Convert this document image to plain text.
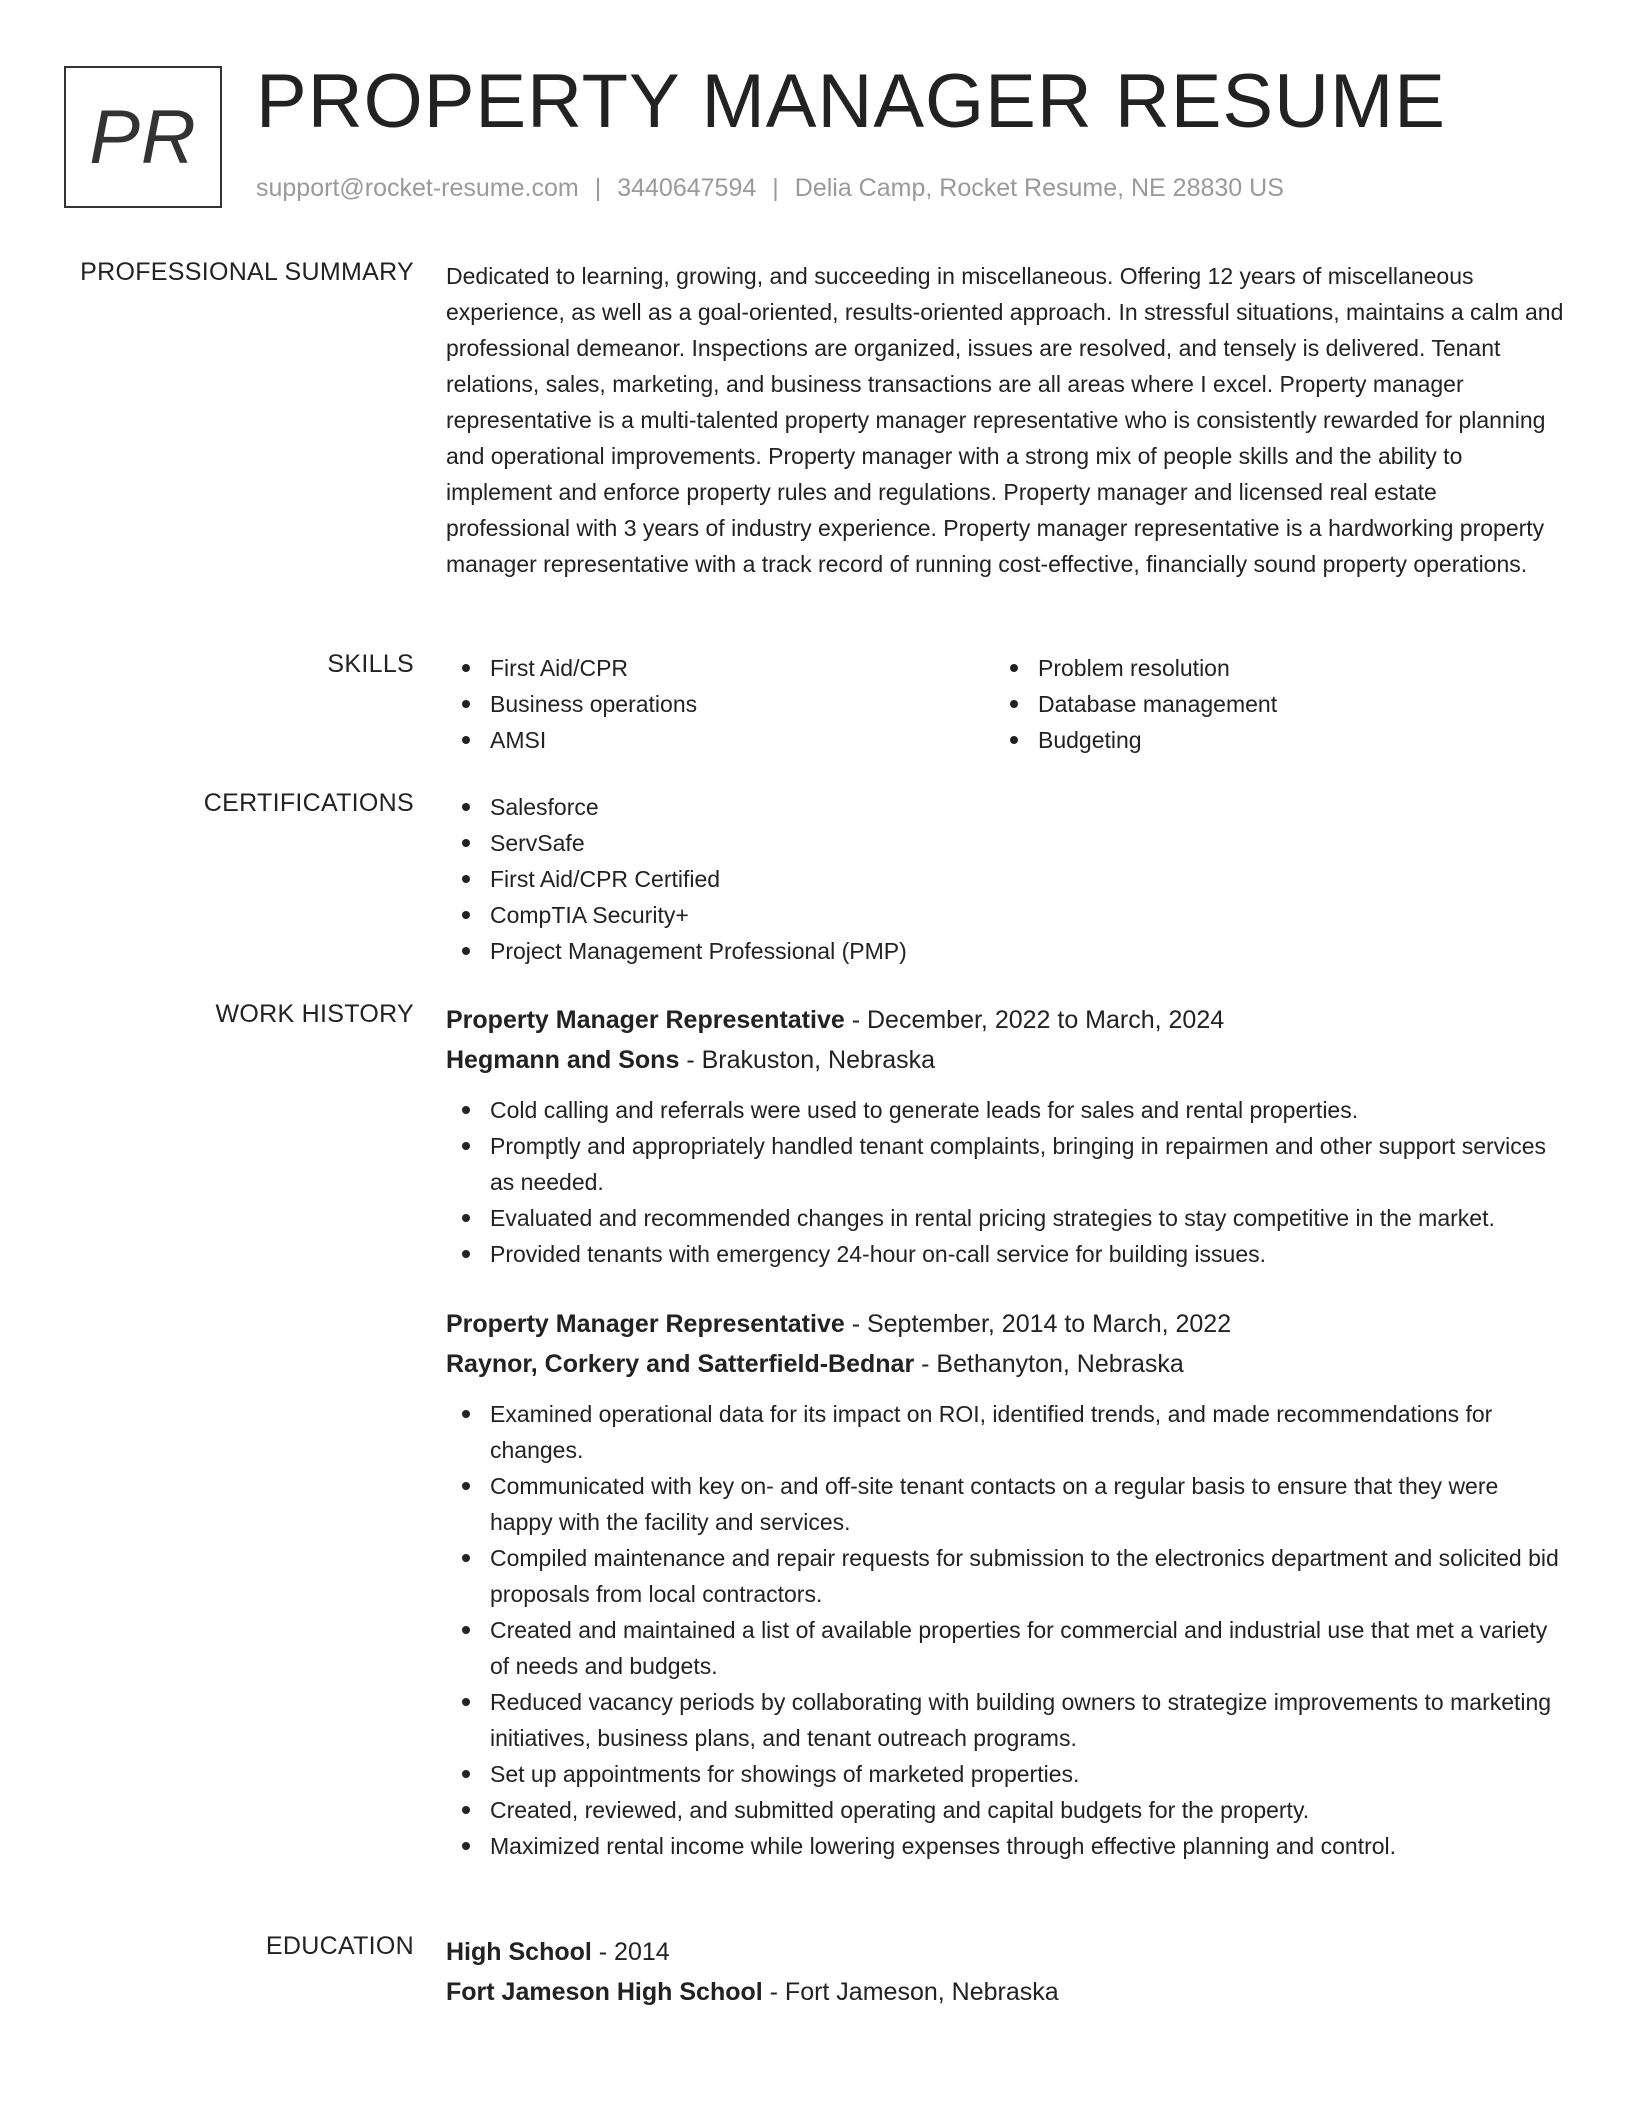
PR PROPERTY MANAGER RESUME
support@rocket-resume.com | 3440647594 | Delia Camp, Rocket Resume, NE 28830 US
PROFESSIONAL SUMMARY Dedicated to learning, growing, and succeeding in miscellaneous. Offering 12 years of miscellaneous experience, as well as a goal-oriented, results-oriented approach. In stressful situations, maintains a calm and professional demeanor. Inspections are organized, issues are resolved, and tensely is delivered. Tenant relations, sales, marketing, and business transactions are all areas where I excel. Property manager representative is a multi-talented property manager representative who is consistently rewarded for planning and operational improvements. Property manager with a strong mix of people skills and the ability to implement and enforce property rules and regulations. Property manager and licensed real estate professional with 3 years of industry experience. Property manager representative is a hardworking property manager representative with a track record of running cost-effective, financially sound property operations.

SKILLS	First Aid/CPR
Business operations
AMSI
Problem resolution
Database management
Budgeting
CERTIFICATIONS	Salesforce
ServSafe
First Aid/CPR Certified
CompTIA Security+
Project Management Professional (PMP)
WORK HISTORY Property Manager Representative - December, 2022 to March, 2024
Hegmann and Sons - Brakuston, Nebraska
Cold calling and referrals were used to generate leads for sales and rental properties.
Promptly and appropriately handled tenant complaints, bringing in repairmen and other support services as needed.
Evaluated and recommended changes in rental pricing strategies to stay competitive in the market.
Provided tenants with emergency 24-hour on-call service for building issues.
Property Manager Representative - September, 2014 to March, 2022
Raynor, Corkery and Satterfield-Bednar - Bethanyton, Nebraska
Examined operational data for its impact on ROI, identified trends, and made recommendations for changes.
Communicated with key on- and off-site tenant contacts on a regular basis to ensure that they were happy with the facility and services.
Compiled maintenance and repair requests for submission to the electronics department and solicited bid proposals from local contractors.
Created and maintained a list of available properties for commercial and industrial use that met a variety of needs and budgets.
Reduced vacancy periods by collaborating with building owners to strategize improvements to marketing initiatives, business plans, and tenant outreach programs.
Set up appointments for showings of marketed properties.
Created, reviewed, and submitted operating and capital budgets for the property.
Maximized rental income while lowering expenses through effective planning and control.
EDUCATION High School - 2014
Fort Jameson High School - Fort Jameson, Nebraska
